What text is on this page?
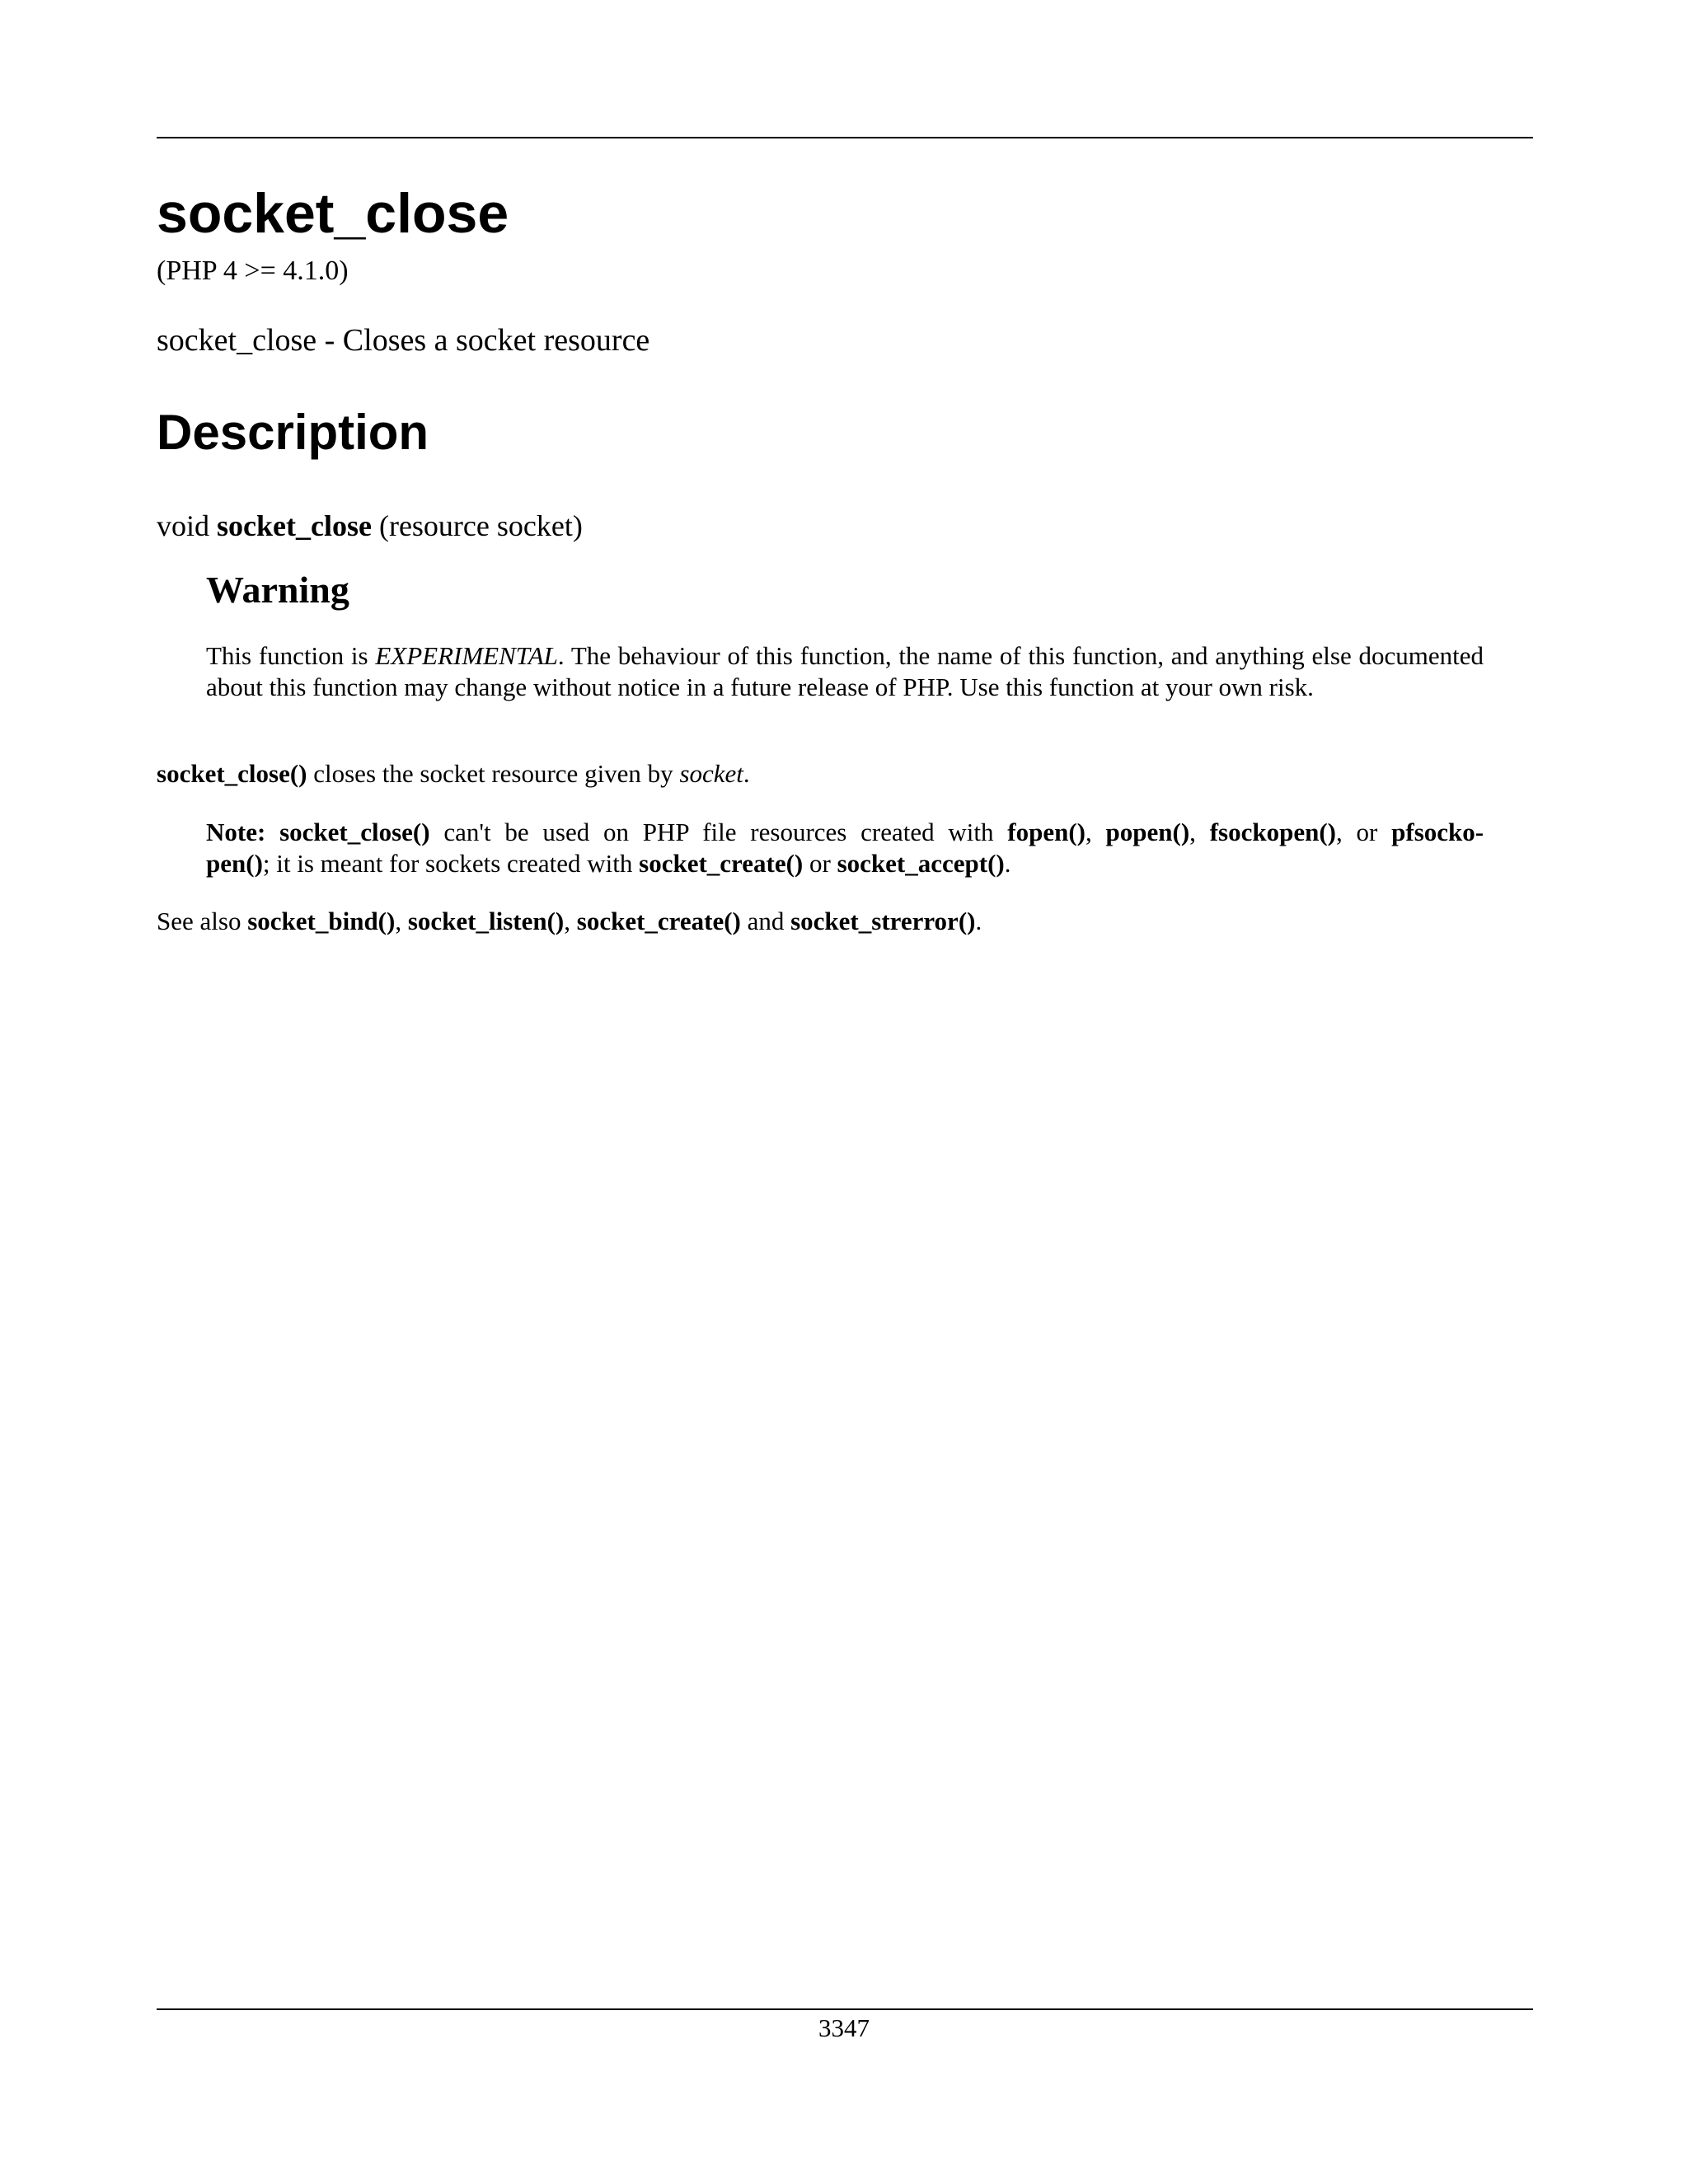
socket_close
(PHP 4 >= 4.1.0)
socket_close - Closes a socket resource
Description
void socket_close (resource socket)
Warning

This function is EXPERIMENTAL. The behaviour of this function, the name of this function, and anything else documented about this function may change without notice in a future release of PHP. Use this function at your own risk.

socket_close() closes the socket resource given by socket.

Note: socket_close() can't be used on PHP file resources created with fopen(), popen(), fsockopen(), or pfsocko-
pen(); it is meant for sockets created with socket_create() or socket_accept().

See also socket_bind(), socket_listen(), socket_create() and socket_strerror().

3347
